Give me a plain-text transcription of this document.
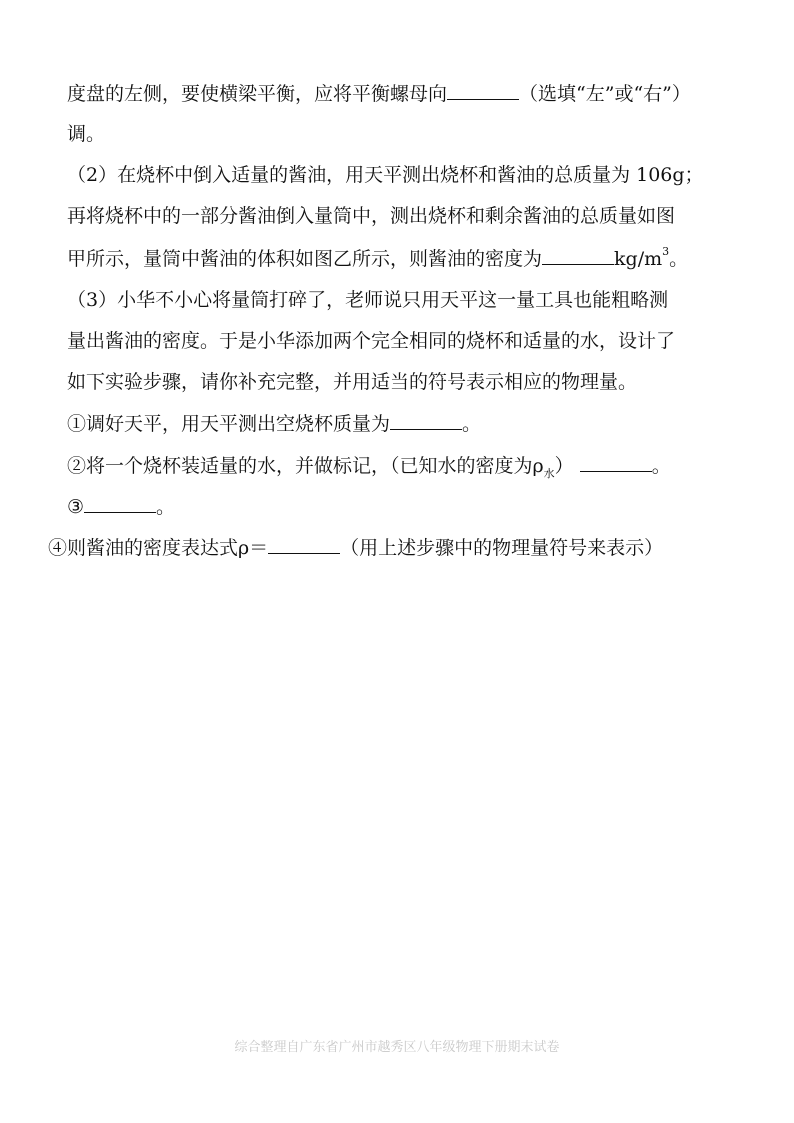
度盘的左侧，要使横梁平衡，应将平衡螺母向	（选填“左”或“右”）
调。
（2）在烧杯中倒入适量的酱油，用天平测出烧杯和酱油的总质量为 106g；
再将烧杯中的一部分酱油倒入量筒中，测出烧杯和剩余酱油的总质量如图
甲所示，量筒中酱油的体积如图乙所示，则酱油的密度为	$kg/m^3$。
（3）小华不小心将量筒打碎了，老师说只用天平这一量工具也能粗略测
量出酱油的密度。于是小华添加两个完全相同的烧杯和适量的水，设计了
如下实验步骤，请你补充完整，并用适当的符号表示相应的物理量。
①调好天平，用天平测出空烧杯质量为	。
②将一个烧杯装适量的水，并做标记，（已知水的密度为$\rho_水$）	。
③	。
④则酱油的密度表达式ρ＝	（用上述步骤中的物理量符号来表示）
综合整理自广东省广州市越秀区八年级物理下册期末试卷
